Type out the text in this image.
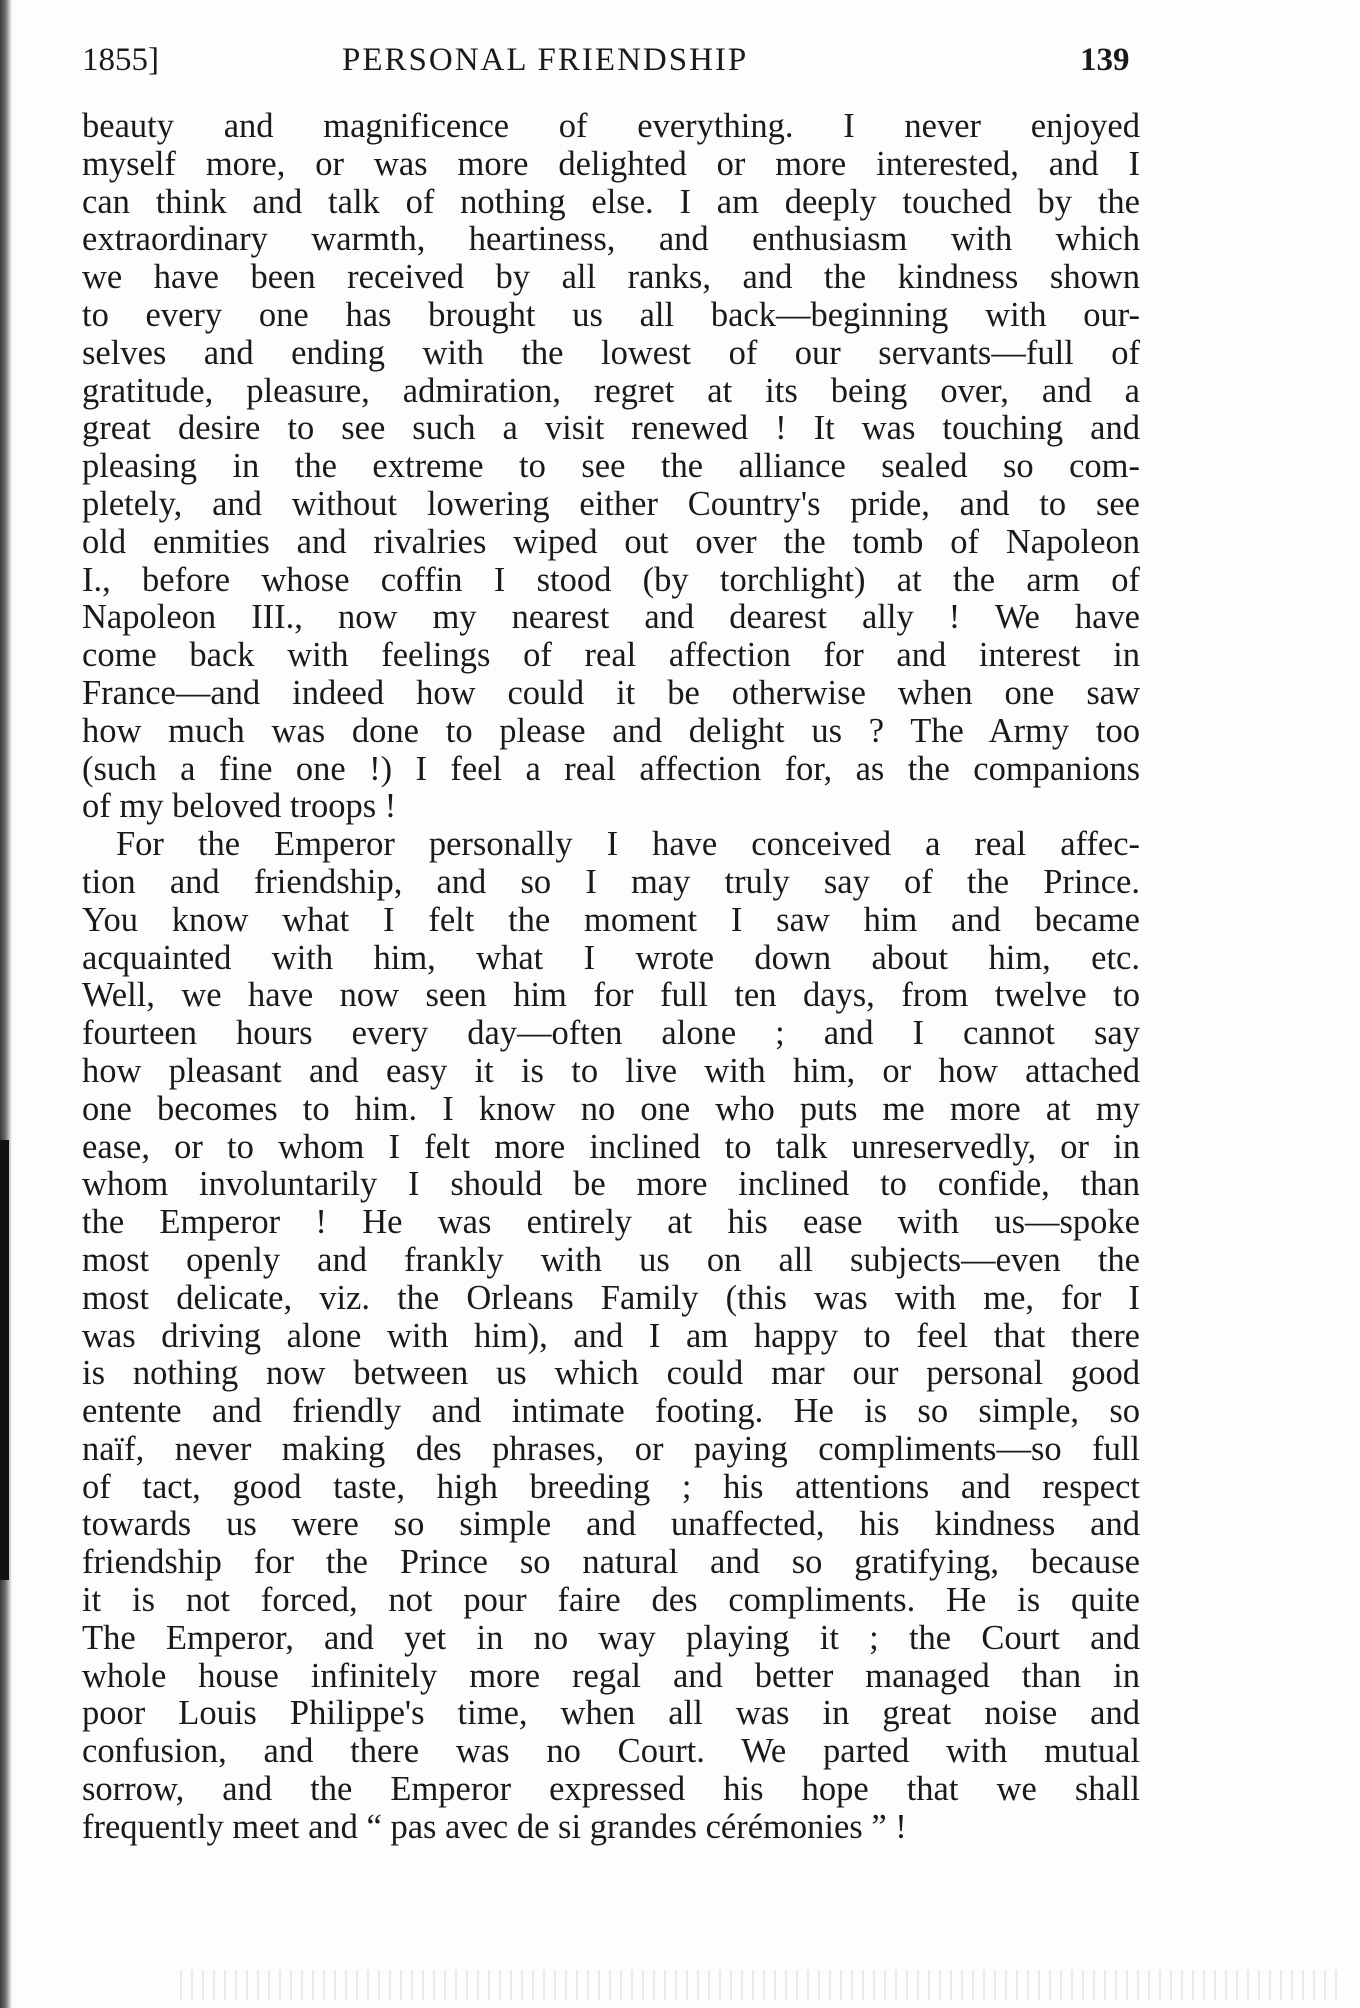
1855]	PERSONAL FRIENDSHIP	139
beauty and magnificence of everything. I never enjoyed
myself more, or was more delighted or more interested, and I
can think and talk of nothing else. I am deeply touched by the
extraordinary warmth, heartiness, and enthusiasm with which
we have been received by all ranks, and the kindness shown
to every one has brought us all back—beginning with our-
selves and ending with the lowest of our servants—full of
gratitude, pleasure, admiration, regret at its being over, and a
great desire to see such a visit renewed ! It was touching and
pleasing in the extreme to see the alliance sealed so com-
pletely, and without lowering either Country's pride, and to see
old enmities and rivalries wiped out over the tomb of Napoleon
I., before whose coffin I stood (by torchlight) at the arm of
Napoleon III., now my nearest and dearest ally ! We have
come back with feelings of real affection for and interest in
France—and indeed how could it be otherwise when one saw
how much was done to please and delight us ? The Army too
(such a fine one !) I feel a real affection for, as the companions
of my beloved troops !
For the Emperor personally I have conceived a real affec-
tion and friendship, and so I may truly say of the Prince.
You know what I felt the moment I saw him and became
acquainted with him, what I wrote down about him, etc.
Well, we have now seen him for full ten days, from twelve to
fourteen hours every day—often alone ; and I cannot say
how pleasant and easy it is to live with him, or how attached
one becomes to him. I know no one who puts me more at my
ease, or to whom I felt more inclined to talk unreservedly, or in
whom involuntarily I should be more inclined to confide, than
the Emperor ! He was entirely at his ease with us—spoke
most openly and frankly with us on all subjects—even the
most delicate, viz. the Orleans Family (this was with me, for I
was driving alone with him), and I am happy to feel that there
is nothing now between us which could mar our personal good
entente and friendly and intimate footing. He is so simple, so
naïf, never making des phrases, or paying compliments—so full
of tact, good taste, high breeding ; his attentions and respect
towards us were so simple and unaffected, his kindness and
friendship for the Prince so natural and so gratifying, because
it is not forced, not pour faire des compliments. He is quite
The Emperor, and yet in no way playing it ; the Court and
whole house infinitely more regal and better managed than in
poor Louis Philippe's time, when all was in great noise and
confusion, and there was no Court. We parted with mutual
sorrow, and the Emperor expressed his hope that we shall
frequently meet and “ pas avec de si grandes cérémonies ” !
